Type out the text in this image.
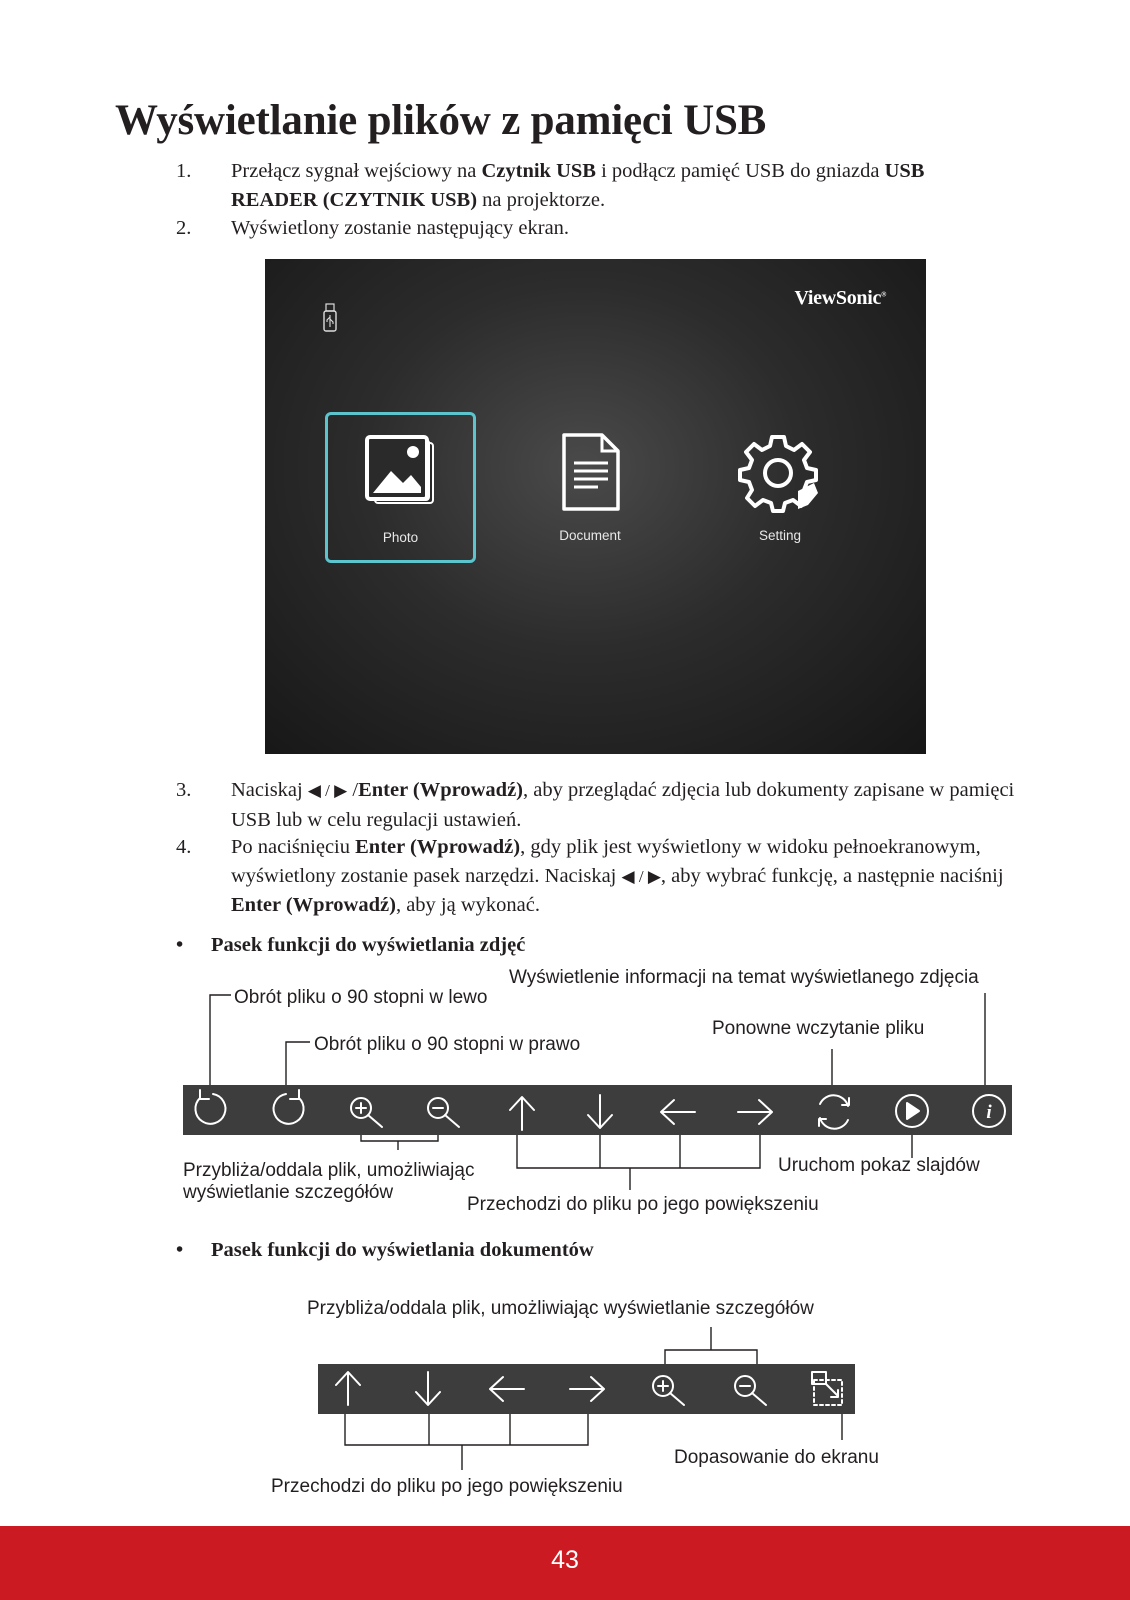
Wyświetlanie plików z pamięci USB
1. Przełącz sygnał wejściowy na Czytnik USB i podłącz pamięć USB do gniazda USB READER (CZYTNIK USB) na projektorze.
2. Wyświetlony zostanie następujący ekran.
ViewSonic®
Photo	Document	Setting
3. Naciskaj ◀ / ▶ /Enter (Wprowadź), aby przeglądać zdjęcia lub dokumenty zapisane w pamięci USB lub w celu regulacji ustawień.
4. Po naciśnięciu Enter (Wprowadź), gdy plik jest wyświetlony w widoku pełnoekranowym, wyświetlony zostanie pasek narzędzi. Naciskaj ◀ / ▶, aby wybrać funkcję, a następnie naciśnij Enter (Wprowadź), aby ją wykonać.
• Pasek funkcji do wyświetlania zdjęć
• Pasek funkcji do wyświetlania dokumentów
i
Obrót pliku o 90 stopni w lewo
Obrót pliku o 90 stopni w prawo
Wyświetlenie informacji na temat wyświetlanego zdjęcia
Ponowne wczytanie pliku
Przybliża/oddala plik, umożliwiając
wyświetlanie szczegółów
Uruchom pokaz slajdów
Przechodzi do pliku po jego powiększeniu
Przybliża/oddala plik, umożliwiając wyświetlanie szczegółów
Dopasowanie do ekranu
Przechodzi do pliku po jego powiększeniu
43
